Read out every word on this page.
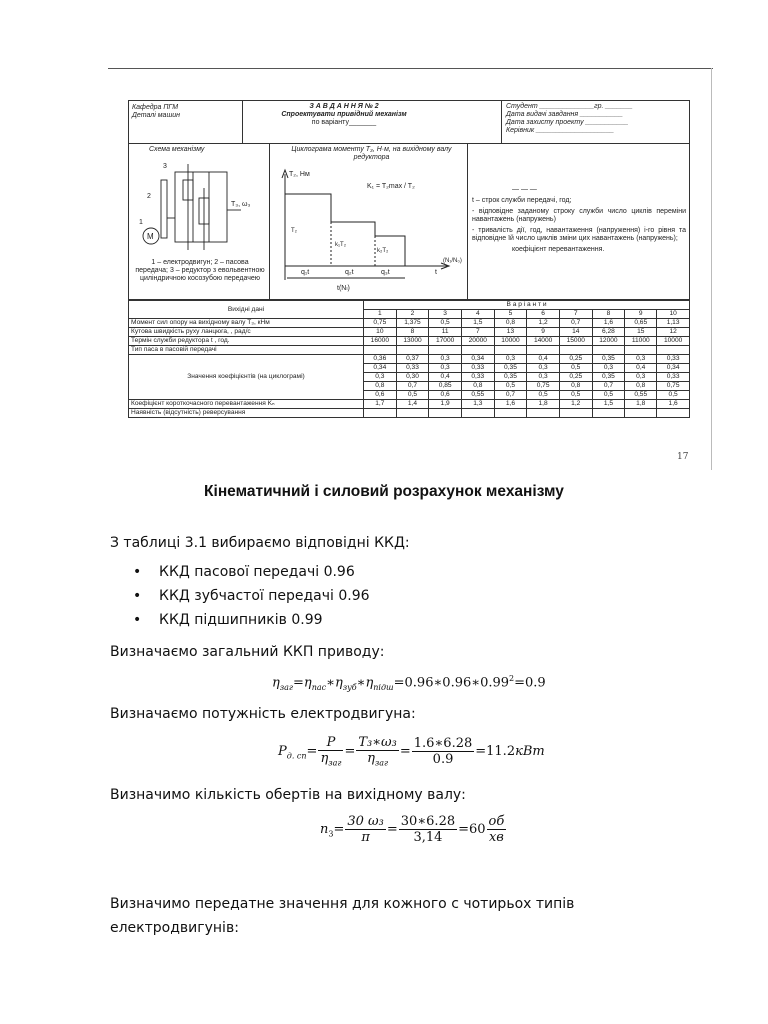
Кафедра ПГМ
Деталі машин
З А В Д А Н Н Я № 2
Спроектувати привідний механізм
по варіанту_______
Студент ______________гр. _______
Дата видачі завдання ___________
Дата захисту проекту ___________
Керівник ____________________
Схема механізму
3
2
1
M
T₃, ω₃
1 – електродвигун; 2 – пасова передача; 3 – редуктор з евольвентною циліндричною косозубою передачею
Циклограма моменту T₃, Н·м, на вихідному валу редуктора
T₂, Нм
T₂
k₁T₂
k₂T₂
q₁t	q₂t	q₃t	t
(N₁/N₀)
t(Nₗ)
K₁ = T₂max / T₂	— — —

t – строк служби передачі, год;

- відповідне заданому строку служби число циклів переміни навантажень (напружень)

- тривалість дії, год, навантаження (напруження) і-го рівня та відповідне їй число циклів зміни цих навантажень (напружень);

коефіцієнт перевантаження.

Вихідні дані	В а р і а н т и									
	1	2	3	4	5	6	7	8	9	10
Момент сил опору на вихідному валу T₃, кНм	0,75	1,375	0,5	1,5	0,8	1,2	0,7	1,6	0,65	1,13
Кутова швидкість руху ланцюга, , рад/с	10	8	11	7	13	9	14	6,28	15	12
Термін служби редуктора t , год.	16000	13000	17000	20000	10000	14000	15000	12000	11000	10000
Тип паса в пасовій передачі										
Значення коефіцієнтів (на циклограмі)	0,36	0,37	0,3	0,34	0,3	0,4	0,25	0,35	0,3	0,33
	0,34	0,33	0,3	0,33	0,35	0,3	0,5	0,3	0,4	0,34
	0,3	0,30	0,4	0,33	0,35	0,3	0,25	0,35	0,3	0,33
	0,8	0,7	0,85	0,8	0,5	0,75	0,8	0,7	0,8	0,75
	0,6	0,5	0,6	0,55	0,7	0,5	0,5	0,5	0,55	0,5
Коефіцієнт короткочасного перевантаження Kₙ	1,7	1,4	1,9	1,3	1,6	1,8	1,2	1,5	1,8	1,6
Наявність (відсутність) реверсування										
17
Кінематичний і силовий розрахунок механізму
З таблиці 3.1 вибираємо відповідні ККД:
• ККД пасової передачі 0.96
• ККД зубчастої передачі 0.96
• ККД підшипників 0.99
Визначаємо загальний ККП приводу:
$\eta_{заг}=\eta_{пас}∗\eta_{зуб}∗\eta_{підш}=0.96∗0.96∗0.99^2=0.9$
Визначаємо потужність електродвигуна:
$P_{д. сп}= \frac{P}{\eta_{заг}} = \frac{\text{T₃∗ω₃}}{\eta_{заг}} = \frac{1.6∗6.28}{0.9} =11.2кВт$
Визначимо кількість обертів на вихідному валу:
$n_3= \frac{\text{30 ω₃}}{\pi} = \frac{30∗6.28}{3,14} =60 \frac{об}{хв}$
Визначимо передатне значення для кожного с чотирьох типів
електродвигунів:
